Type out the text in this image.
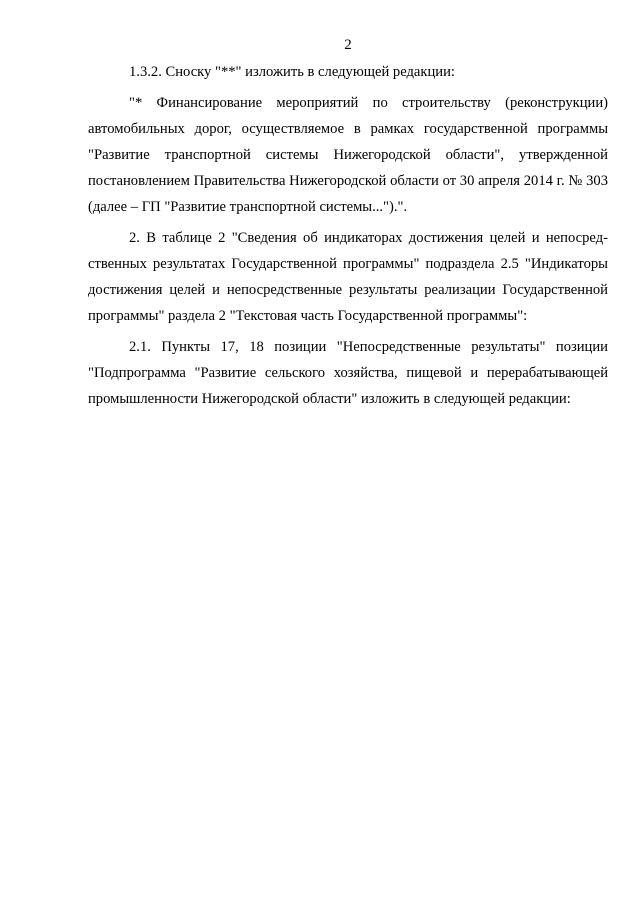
2

1.3.2. Сноску "**" изложить в следующей редакции:

"* Финансирование мероприятий по строительству (реконструкции) автомобильных дорог, осуществляемое в рамках государственной программы "Развитие транспортной системы Нижегородской области", утвержденной постановлением Правительства Нижегородской области от 30 апреля 2014 г. № 303 (далее – ГП "Развитие транспортной системы...").".

2. В таблице 2 "Сведения об индикаторах достижения целей и непосредственных результатах Государственной программы" подраздела 2.5 "Индикаторы достижения целей и непосредственные результаты реализации Государственной программы" раздела 2 "Текстовая часть Государственной программы":

2.1. Пункты 17, 18 позиции "Непосредственные результаты" позиции "Подпрограмма "Развитие сельского хозяйства, пищевой и перерабатывающей промышленности Нижегородской области" изложить в следующей редакции:
